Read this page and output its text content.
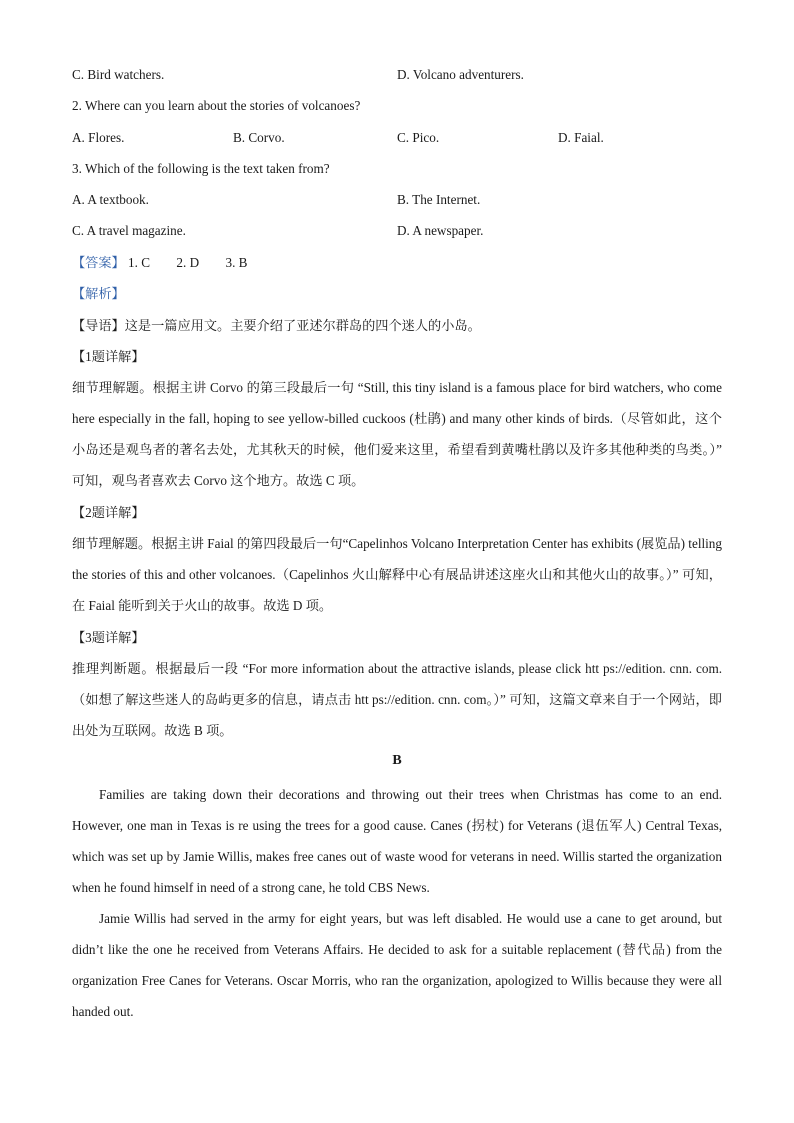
C. Bird watchers.	D. Volcano adventurers.
2. Where can you learn about the stories of volcanoes?
A. Flores.	B. Corvo.	C. Pico.	D. Faial.
3. Which of the following is the text taken from?
A. A textbook.	B. The Internet.
C. A travel magazine.	D. A newspaper.
【答案】 1. C        2. D        3. B
【解析】
【导语】这是一篇应用文。主要介绍了亚述尔群岛的四个迷人的小岛。
【1题详解】
细节理解题。根据主讲 Corvo 的第三段最后一句 “Still, this tiny island is a famous place for bird watchers, who come here especially in the fall, hoping to see yellow-billed cuckoos (杜鹃) and many other kinds of birds.（尽管如此，这个小岛还是观鸟者的著名去处，尤其秋天的时候，他们爱来这里，希望看到黄嘴杜鹃以及许多其他种类的鸟类。）” 可知，观鸟者喜欢去 Corvo 这个地方。故选 C 项。
【2题详解】
细节理解题。根据主讲 Faial 的第四段最后一句“Capelinhos Volcano Interpretation Center has exhibits (展览品) telling the stories of this and other volcanoes.（Capelinhos 火山解释中心有展品讲述这座火山和其他火山的故事。）” 可知，在 Faial 能听到关于火山的故事。故选 D 项。
【3题详解】
推理判断题。根据最后一段 “For more information about the attractive islands, please click htt ps://edition. cnn. com.（如想了解这些迷人的岛屿更多的信息，请点击 htt ps://edition. cnn. com。）” 可知，这篇文章来自于一个网站，即出处为互联网。故选 B 项。
B
Families are taking down their decorations and throwing out their trees when Christmas has come to an end. However, one man in Texas is re using the trees for a good cause. Canes (拐杖) for Veterans (退伍军人) Central Texas, which was set up by Jamie Willis, makes free canes out of waste wood for veterans in need. Willis started the organization when he found himself in need of a strong cane, he told CBS News.
Jamie Willis had served in the army for eight years, but was left disabled. He would use a cane to get around, but didn’t like the one he received from Veterans Affairs. He decided to ask for a suitable replacement (替代品) from the organization Free Canes for Veterans. Oscar Morris, who ran the organization, apologized to Willis because they were all handed out.
